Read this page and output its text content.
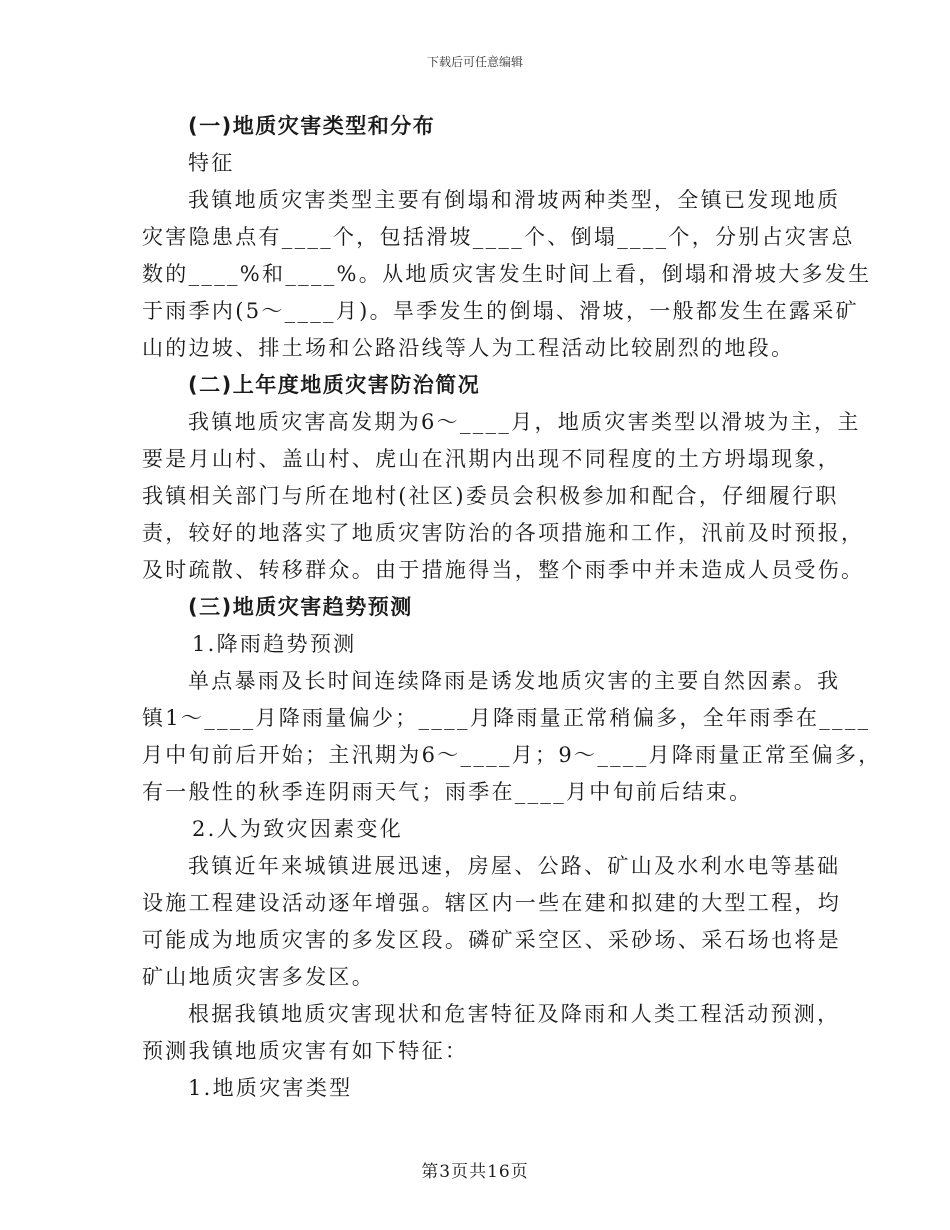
下载后可任意编辑
(一)地质灾害类型和分布
特征
我镇地质灾害类型主要有倒塌和滑坡两种类型，全镇已发现地质
灾害隐患点有____个，包括滑坡____个、倒塌____个，分别占灾害总
数的____%和____%。从地质灾害发生时间上看，倒塌和滑坡大多发生
于雨季内(5～____月)。旱季发生的倒塌、滑坡，一般都发生在露采矿
山的边坡、排土场和公路沿线等人为工程活动比较剧烈的地段。
(二)上年度地质灾害防治简况
我镇地质灾害高发期为6～____月，地质灾害类型以滑坡为主，主
要是月山村、盖山村、虎山在汛期内出现不同程度的土方坍塌现象，
我镇相关部门与所在地村(社区)委员会积极参加和配合，仔细履行职
责，较好的地落实了地质灾害防治的各项措施和工作，汛前及时预报，
及时疏散、转移群众。由于措施得当，整个雨季中并未造成人员受伤。
(三)地质灾害趋势预测
1.降雨趋势预测
单点暴雨及长时间连续降雨是诱发地质灾害的主要自然因素。我
镇1～____月降雨量偏少；____月降雨量正常稍偏多，全年雨季在____
月中旬前后开始；主汛期为6～____月；9～____月降雨量正常至偏多，
有一般性的秋季连阴雨天气；雨季在____月中旬前后结束。
2.人为致灾因素变化
我镇近年来城镇进展迅速，房屋、公路、矿山及水利水电等基础
设施工程建设活动逐年增强。辖区内一些在建和拟建的大型工程，均
可能成为地质灾害的多发区段。磷矿采空区、采砂场、采石场也将是
矿山地质灾害多发区。
根据我镇地质灾害现状和危害特征及降雨和人类工程活动预测，
预测我镇地质灾害有如下特征：
1.地质灾害类型
第3页共16页
